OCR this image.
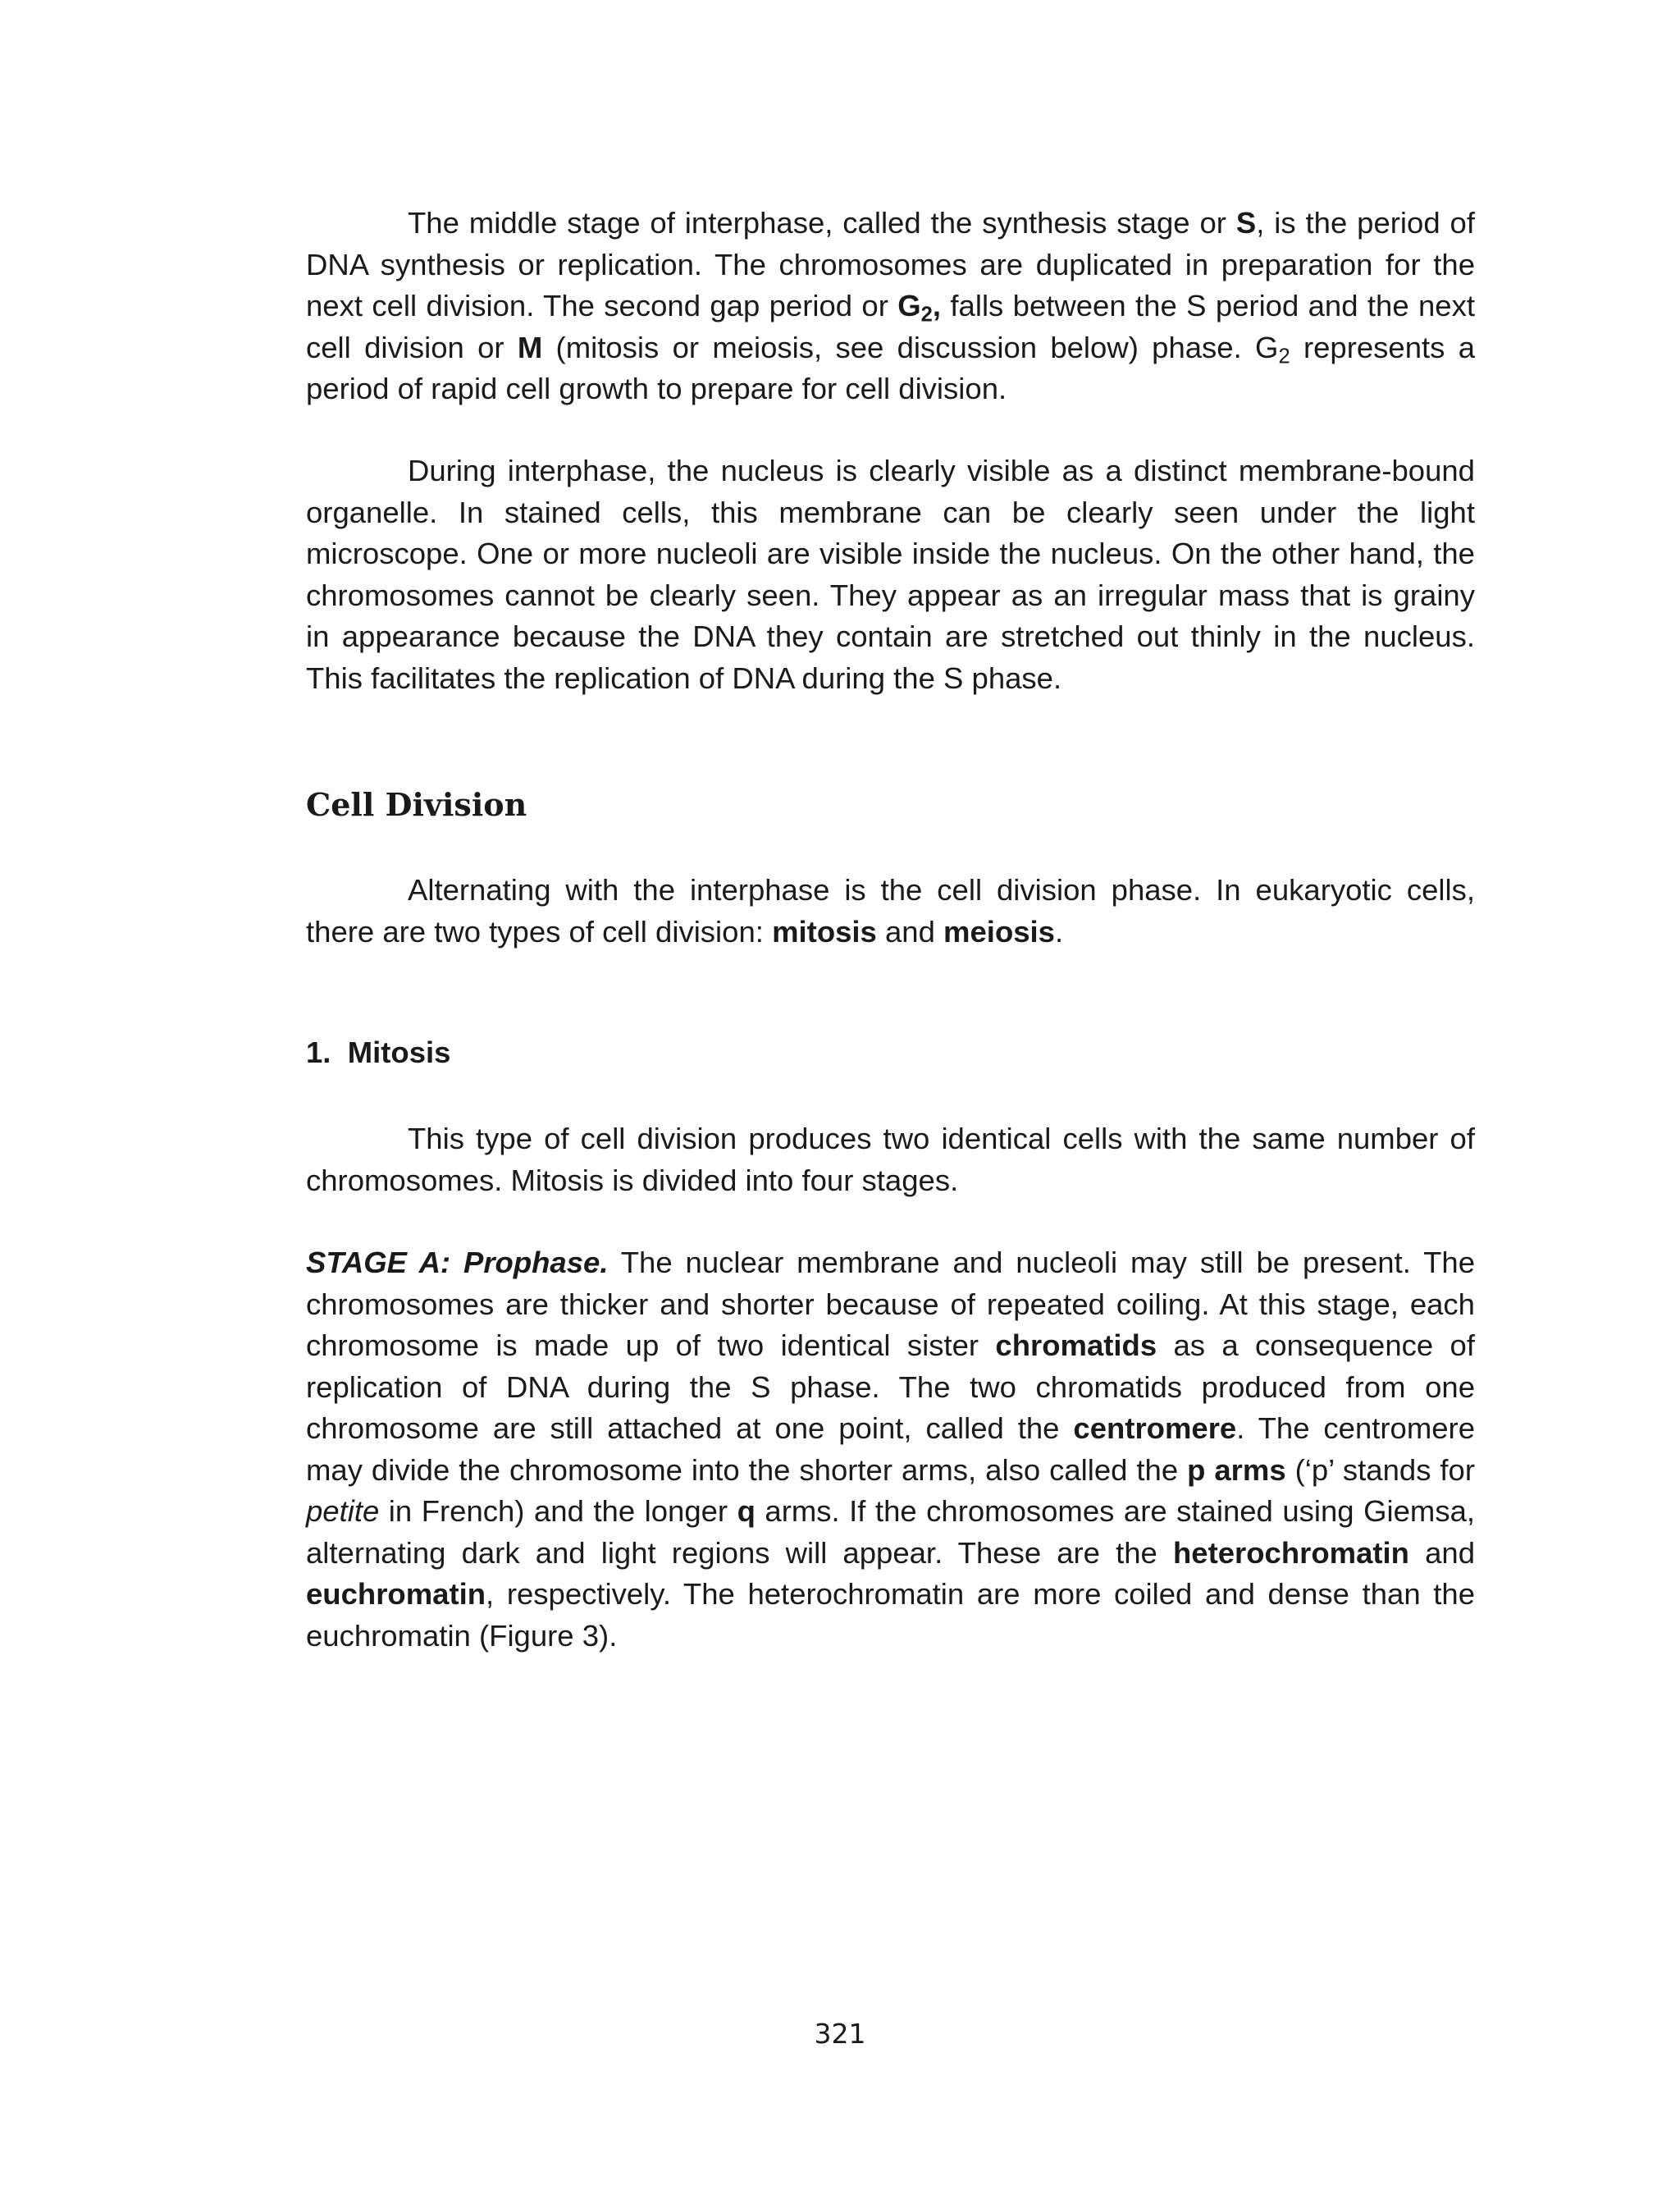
The middle stage of interphase, called the synthesis stage or S, is the period of DNA synthesis or replication. The chromosomes are duplicated in preparation for the next cell division. The second gap period or $G_2$, falls between the S period and the next cell division or M (mitosis or meiosis, see discussion below) phase. $G_2$ represents a period of rapid cell growth to prepare for cell division.

During interphase, the nucleus is clearly visible as a distinct membrane-bound organelle. In stained cells, this membrane can be clearly seen under the light microscope. One or more nucleoli are visible inside the nucleus. On the other hand, the chromosomes cannot be clearly seen. They appear as an irregular mass that is grainy in appearance because the DNA they contain are stretched out thinly in the nucleus. This facilitates the replication of DNA during the S phase.

Cell Division

Alternating with the interphase is the cell division phase. In eukaryotic cells, there are two types of cell division: mitosis and meiosis.

1.  Mitosis

This type of cell division produces two identical cells with the same number of chromosomes. Mitosis is divided into four stages.

STAGE A: Prophase. The nuclear membrane and nucleoli may still be present. The chromosomes are thicker and shorter because of repeated coiling. At this stage, each chromosome is made up of two identical sister chromatids as a consequence of replication of DNA during the S phase. The two chromatids produced from one chromosome are still attached at one point, called the centromere. The centromere may divide the chromosome into the shorter arms, also called the p arms (‘p’ stands for petite in French) and the longer q arms. If the chromosomes are stained using Giemsa, alternating dark and light regions will appear. These are the heterochromatin and euchromatin, respectively. The heterochromatin are more coiled and dense than the euchromatin (Figure 3).

321
